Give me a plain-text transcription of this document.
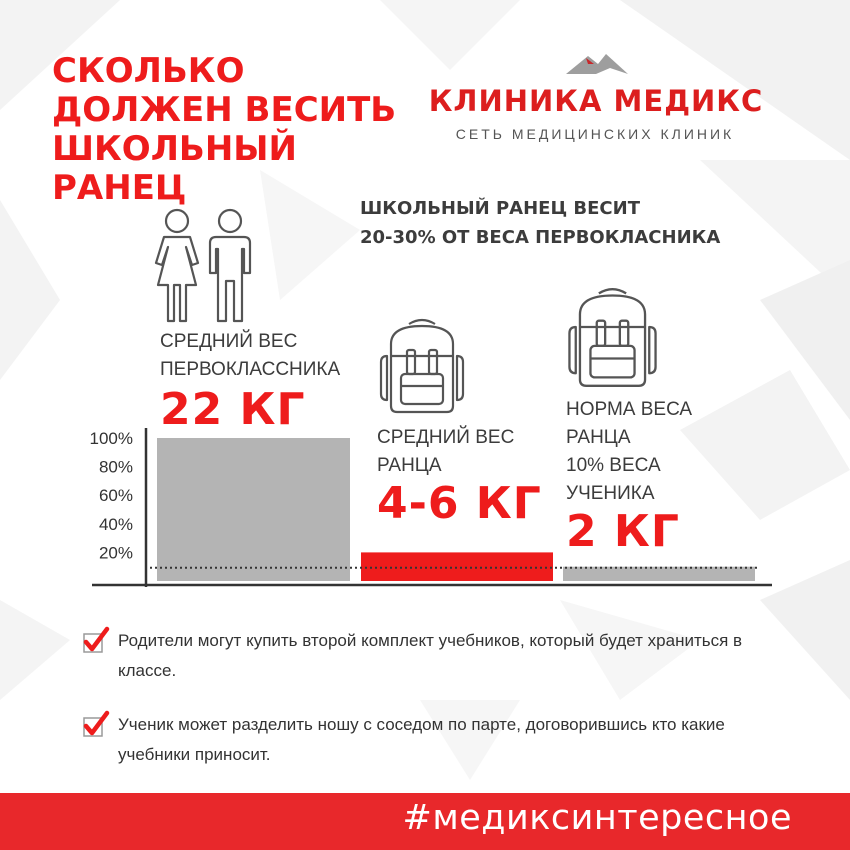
СКОЛЬКО
ДОЛЖЕН ВЕСИТЬ
ШКОЛЬНЫЙ
РАНЕЦ
КЛИНИКА МЕДИКС
СЕТЬ МЕДИЦИНСКИХ КЛИНИК
ШКОЛЬНЫЙ РАНЕЦ ВЕСИТ
20-30% ОТ ВЕСА ПЕРВОКЛАСНИКА
СРЕДНИЙ ВЕС
ПЕРВОКЛАССНИКА
22 КГ
СРЕДНИЙ ВЕС
РАНЦА
4-6 КГ
НОРМА ВЕСА
РАНЦА
10% ВЕСА
УЧЕНИКА
2 КГ
100%
80%
60%
40%
20%
Родители могут купить второй комплект учебников, который будет храниться в классе.
Ученик может разделить ношу с соседом по парте, договорившись кто какие учебники приносит.
#медиксинтересное
